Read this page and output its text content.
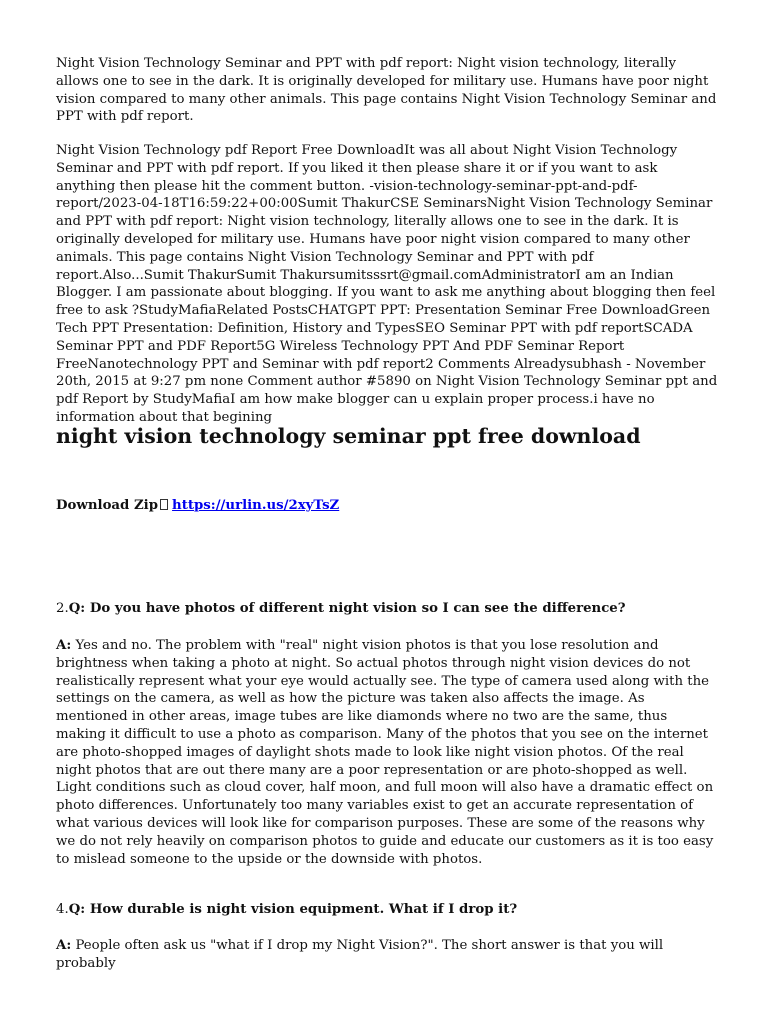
Night Vision Technology Seminar and PPT with pdf report: Night vision technology, literally allows one to see in the dark. It is originally developed for military use. Humans have poor night vision compared to many other animals. This page contains Night Vision Technology Seminar and PPT with pdf report.

Night Vision Technology pdf Report Free DownloadIt was all about Night Vision Technology Seminar and PPT with pdf report. If you liked it then please share it or if you want to ask anything then please hit the comment button. -vision-technology-seminar-ppt-and-pdf-report/2023-04-18T16:59:22+00:00Sumit ThakurCSE SeminarsNight Vision Technology Seminar and PPT with pdf report: Night vision technology, literally allows one to see in the dark. It is originally developed for military use. Humans have poor night vision compared to many other animals. This page contains Night Vision Technology Seminar and PPT with pdf report.Also...Sumit ThakurSumit Thakursumitsssrt@gmail.comAdministratorI am an Indian Blogger. I am passionate about blogging. If you want to ask me anything about blogging then feel free to ask ?StudyMafiaRelated PostsCHATGPT PPT: Presentation Seminar Free DownloadGreen Tech PPT Presentation: Definition, History and TypesSEO Seminar PPT with pdf reportSCADA Seminar PPT and PDF Report5G Wireless Technology PPT And PDF Seminar Report FreeNanotechnology PPT and Seminar with pdf report2 Comments Alreadysubhash - November 20th, 2015 at 9:27 pm none Comment author #5890 on Night Vision Technology Seminar ppt and pdf Report by StudyMafiaI am how make blogger can u explain proper process.i have no information about that begining

night vision technology seminar ppt free download

Download Zip https://urlin.us/2xyTsZ

2.Q: Do you have photos of different night vision so I can see the difference?

A: Yes and no. The problem with "real" night vision photos is that you lose resolution and brightness when taking a photo at night. So actual photos through night vision devices do not realistically represent what your eye would actually see. The type of camera used along with the settings on the camera, as well as how the picture was taken also affects the image. As mentioned in other areas, image tubes are like diamonds where no two are the same, thus making it difficult to use a photo as comparison. Many of the photos that you see on the internet are photo-shopped images of daylight shots made to look like night vision photos. Of the real night photos that are out there many are a poor representation or are photo-shopped as well. Light conditions such as cloud cover, half moon, and full moon will also have a dramatic effect on photo differences. Unfortunately too many variables exist to get an accurate representation of what various devices will look like for comparison purposes. These are some of the reasons why we do not rely heavily on comparison photos to guide and educate our customers as it is too easy to mislead someone to the upside or the downside with photos.

4.Q: How durable is night vision equipment. What if I drop it?

A: People often ask us "what if I drop my Night Vision?". The short answer is that you will probably
